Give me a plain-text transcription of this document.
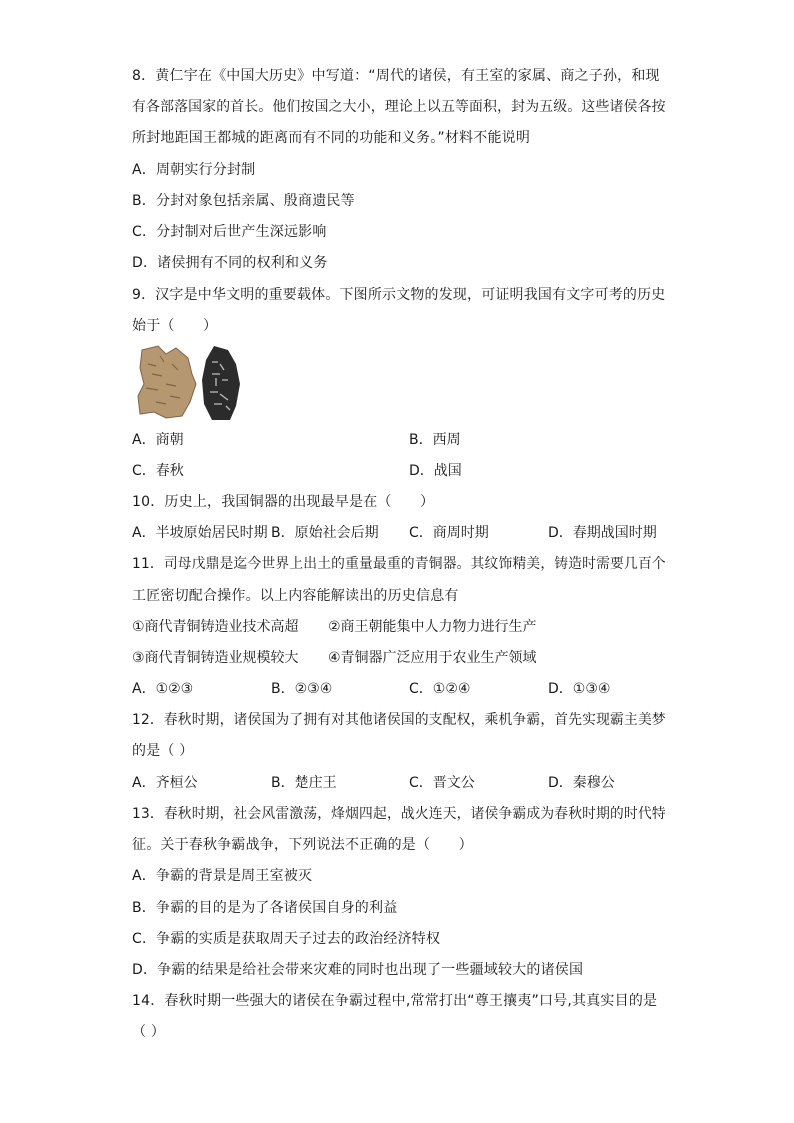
8．黄仁宇在《中国大历史》中写道：“周代的诸侯，有王室的家属、商之子孙，和现
有各部落国家的首长。他们按国之大小，理论上以五等面积，封为五级。这些诸侯各按
所封地距国王都城的距离而有不同的功能和义务。”材料不能说明
A．周朝实行分封制
B．分封对象包括亲属、殷商遗民等
C．分封制对后世产生深远影响
D．诸侯拥有不同的权利和义务
9．汉字是中华文明的重要载体。下图所示文物的发现，可证明我国有文字可考的历史
始于（　　）
A．商朝	B．西周
C．春秋	D．战国
10．历史上，我国铜器的出现最早是在（　　）
A．半坡原始居民时期 B．原始社会后期 C．商周时期	D．春期战国时期
11．司母戊鼎是迄今世界上出土的重量最重的青铜器。其纹饰精美，铸造时需要几百个
工匠密切配合操作。以上内容能解读出的历史信息有
①商代青铜铸造业技术高超 ②商王朝能集中人力物力进行生产
③商代青铜铸造业规模较大 ④青铜器广泛应用于农业生产领域
A．①②③	B．②③④	C．①②④	D．①③④
12．春秋时期，诸侯国为了拥有对其他诸侯国的支配权，乘机争霸，首先实现霸主美梦
的是（ ）
A．齐桓公	B．楚庄王	C．晋文公	D．秦穆公
13．春秋时期，社会风雷激荡，烽烟四起，战火连天，诸侯争霸成为春秋时期的时代特
征。关于春秋争霸战争，下列说法不正确的是（　　）
A．争霸的背景是周王室被灭
B．争霸的目的是为了各诸侯国自身的利益
C．争霸的实质是获取周天子过去的政治经济特权
D．争霸的结果是给社会带来灾难的同时也出现了一些疆域较大的诸侯国
14．春秋时期一些强大的诸侯在争霸过程中,常常打出“尊王攘夷”口号,其真实目的是
（ ）
